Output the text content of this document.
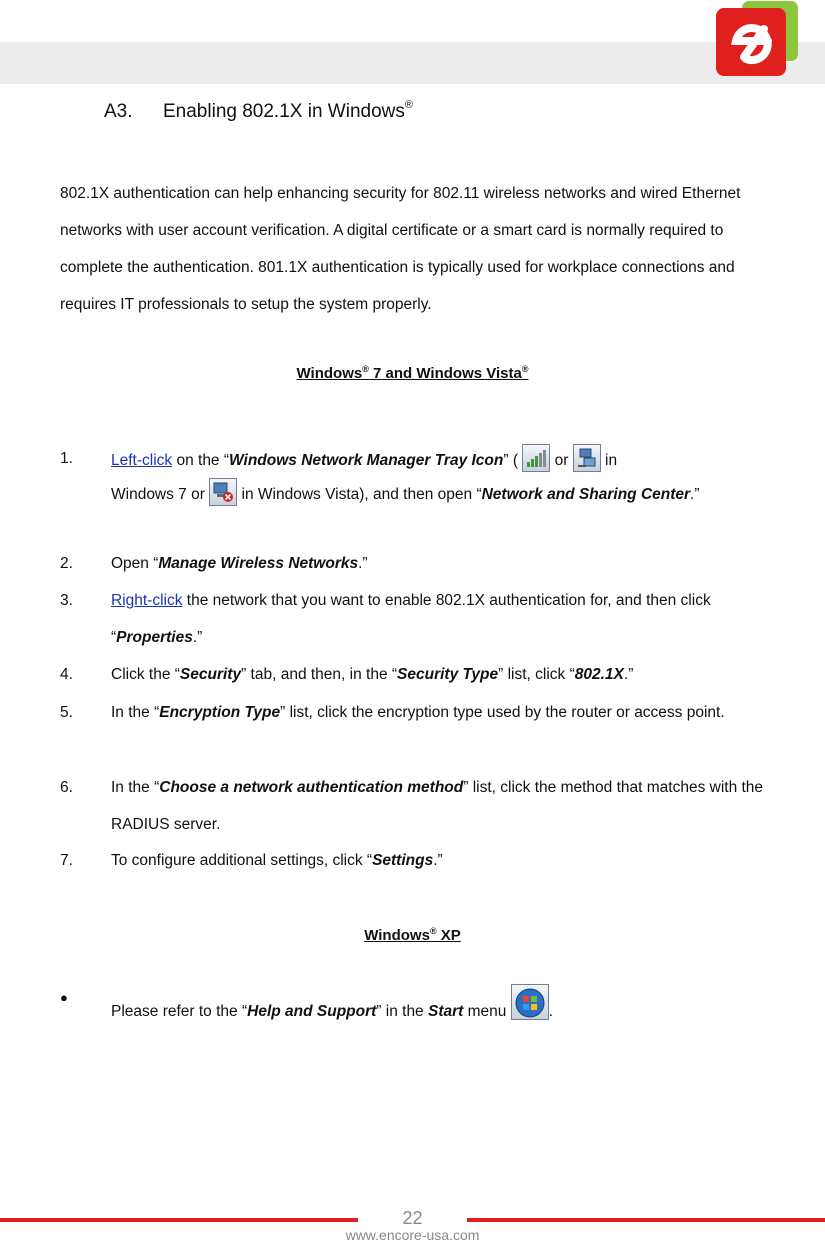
A3. Enabling 802.1X in Windows®
802.1X authentication can help enhancing security for 802.11 wireless networks and wired Ethernet networks with user account verification. A digital certificate or a smart card is normally required to complete the authentication. 801.1X authentication is typically used for workplace connections and requires IT professionals to setup the system properly.
Windows® 7 and Windows Vista®
1. Left-click on the “Windows Network Manager Tray Icon” (
or
in
Windows 7 or
in Windows Vista), and then open “Network and Sharing Center.”
2. Open “Manage Wireless Networks.”
3. Right-click the network that you want to enable 802.1X authentication for, and then click “Properties.”
4. Click the “Security” tab, and then, in the “Security Type” list, click “802.1X.”
5. In the “Encryption Type” list, click the encryption type used by the router or access point.
6. In the “Choose a network authentication method” list, click the method that matches with the RADIUS server.
7. To configure additional settings, click “Settings.”
Windows® XP
●
Please refer to the “Help and Support” in the Start menu
.
22
www.encore-usa.com
